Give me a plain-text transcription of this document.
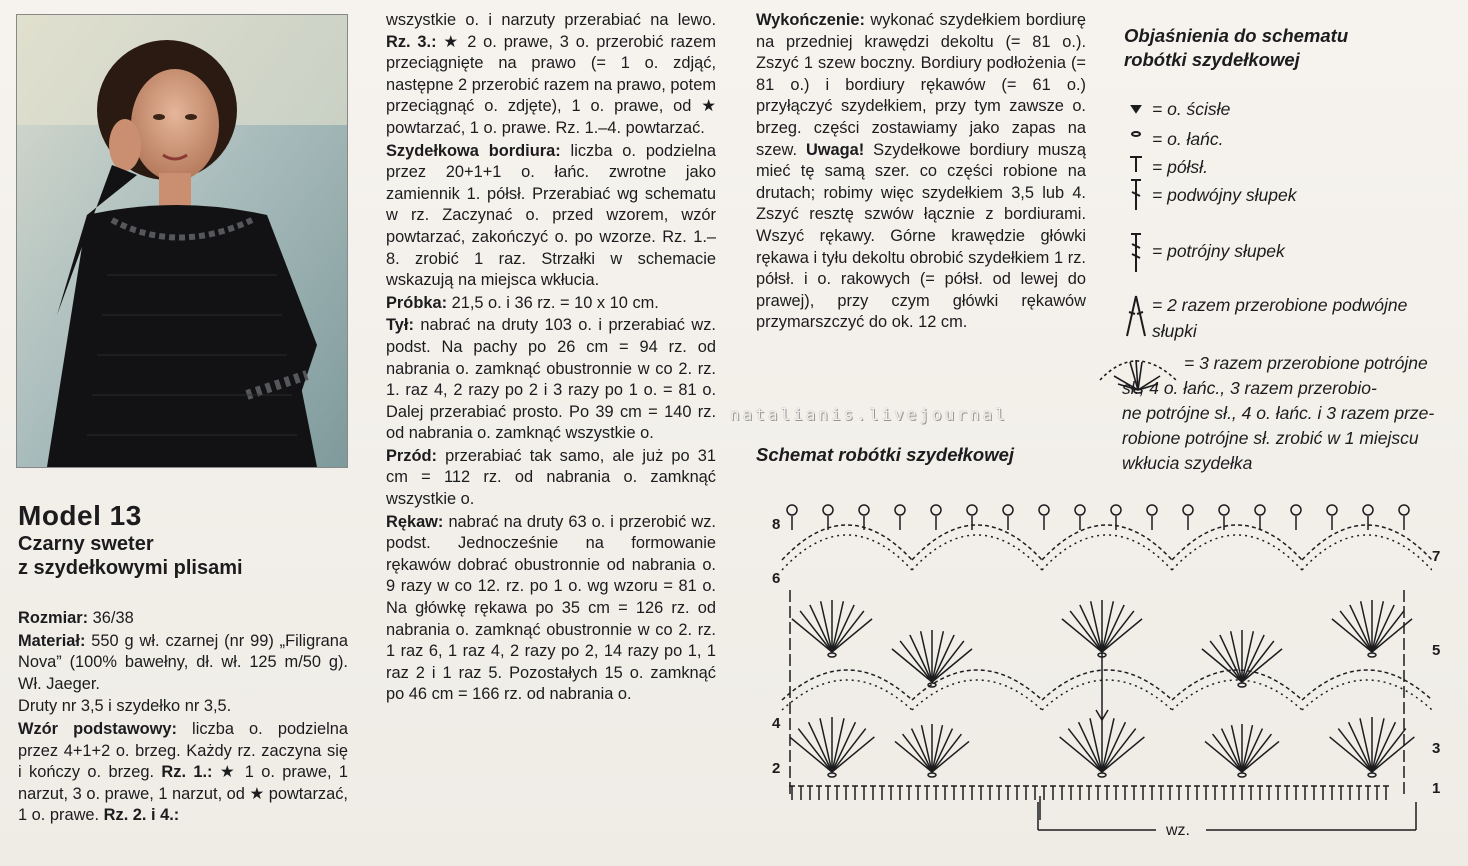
Model 13
Czarny sweter
z szydełkowymi plisami

Rozmiar: 36/38

Materiał: 550 g wł. czarnej (nr 99) „Filigrana Nova” (100% bawełny, dł. wł. 125 m/50 g). Wł. Jaeger.

Druty nr 3,5 i szydełko nr 3,5.

Wzór podstawowy: liczba o. podzielna przez 4+1+2 o. brzeg. Każdy rz. zaczyna się i kończy o. brzeg. Rz. 1.: ★ 1 o. prawe, 1 narzut, 3 o. prawe, 1 narzut, od ★ powtarzać, 1 o. prawe. Rz. 2. i 4.:

wszystkie o. i narzuty przerabiać na lewo. Rz. 3.: ★ 2 o. prawe, 3 o. przerobić razem przeciągnięte na prawo (= 1 o. zdjąć, następne 2 przerobić razem na prawo, potem przeciągnąć o. zdjęte), 1 o. prawe, od ★ powtarzać, 1 o. prawe. Rz. 1.–4. powtarzać.

Szydełkowa bordiura: liczba o. podzielna przez 20+1+1 o. łańc. zwrotne jako zamiennik 1. półsł. Przerabiać wg schematu w rz. Zaczynać o. przed wzorem, wzór powtarzać, zakończyć o. po wzorze. Rz. 1.–8. zrobić 1 raz. Strzałki w schemacie wskazują na miejsca wkłucia.

Próbka: 21,5 o. i 36 rz. = 10 x 10 cm.

Tył: nabrać na druty 103 o. i przerabiać wz. podst. Na pachy po 26 cm = 94 rz. od nabrania o. zamknąć obustronnie w co 2. rz. 1. raz 4, 2 razy po 2 i 3 razy po 1 o. = 81 o. Dalej przerabiać prosto. Po 39 cm = 140 rz. od nabrania o. zamknąć wszystkie o.

Przód: przerabiać tak samo, ale już po 31 cm = 112 rz. od nabrania o. zamknąć wszystkie o.

Rękaw: nabrać na druty 63 o. i przerobić wz. podst. Jednocześnie na formowanie rękawów dobrać obustronnie od nabrania o. 9 razy w co 12. rz. po 1 o. wg wzoru = 81 o. Na główkę rękawa po 35 cm = 126 rz. od nabrania o. zamknąć obustronnie w co 2. rz. 1 raz 6, 1 raz 4, 2 razy po 2, 14 razy po 1, 1 raz 2 i 1 raz 5. Pozostałych 15 o. zamknąć po 46 cm = 166 rz. od nabrania o.

Wykończenie: wykonać szydełkiem bordiurę na przedniej krawędzi dekoltu (= 81 o.). Zszyć 1 szew boczny. Bordiury podłożenia (= 81 o.) i bordiury rękawów (= 61 o.) przyłączyć szydełkiem, przy tym zawsze o. brzeg. części zostawiamy jako zapas na szew. Uwaga! Szydełkowe bordiury muszą mieć tę samą szer. co części robione na drutach; robimy więc szydełkiem 3,5 lub 4. Zszyć resztę szwów łącznie z bordiurami. Wszyć rękawy. Górne krawędzie główki rękawa i tyłu dekoltu obrobić szydełkiem 1 rz. półsł. i o. rakowych (= półsł. od lewej do prawej), przy czym główki rękawów przymarszczyć do ok. 12 cm.

Objaśnienia do schematu
robótki szydełkowej
= o. ścisłe
= o. łańc.
= półsł.
= podwójny słupek
= potrójny słupek
= 2 razem przerobione podwójne
słupki
= 3 razem przerobione potrójne
sł., 4 o. łańc., 3 razem przerobio-
ne potrójne sł., 4 o. łańc. i 3 razem prze-
robione potrójne sł. zrobić w 1 miejscu
wkłucia szydełka
natalianis.livejournal
Schemat robótki szydełkowej
8
7
6
5
4
3
2
1
wz.
